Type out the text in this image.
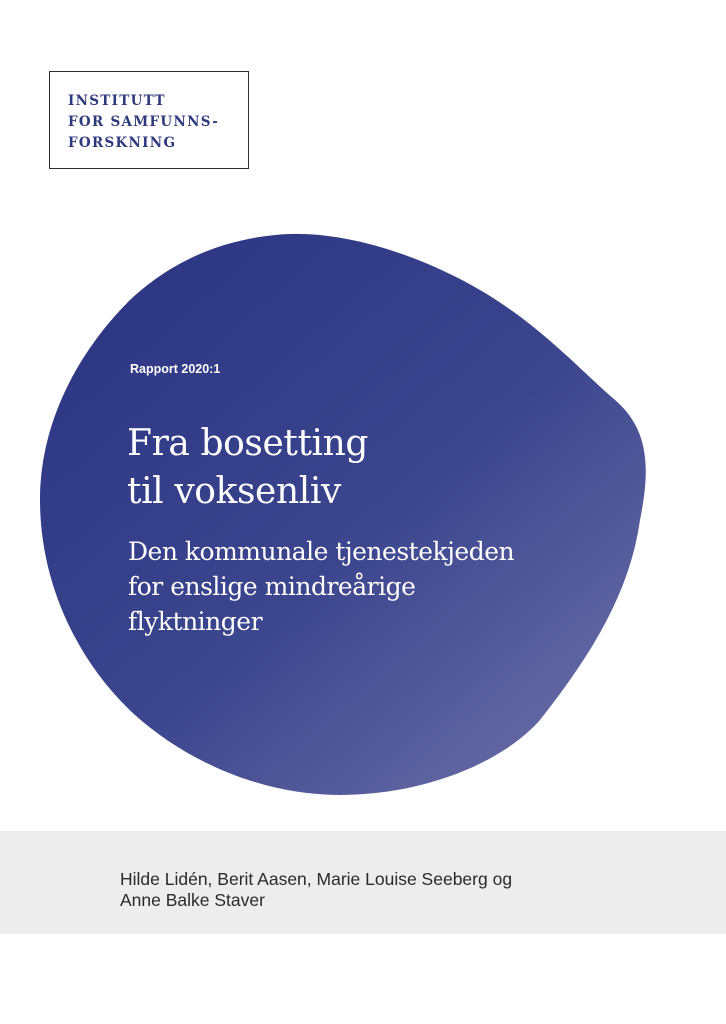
INSTITUTT
FOR SAMFUNNS-
FORSKNING
Rapport 2020:1
Fra bosetting
til voksenliv
Den kommunale tjenestekjeden
for enslige mindreårige
flyktninger
Hilde Lidén, Berit Aasen, Marie Louise Seeberg og
Anne Balke Staver
